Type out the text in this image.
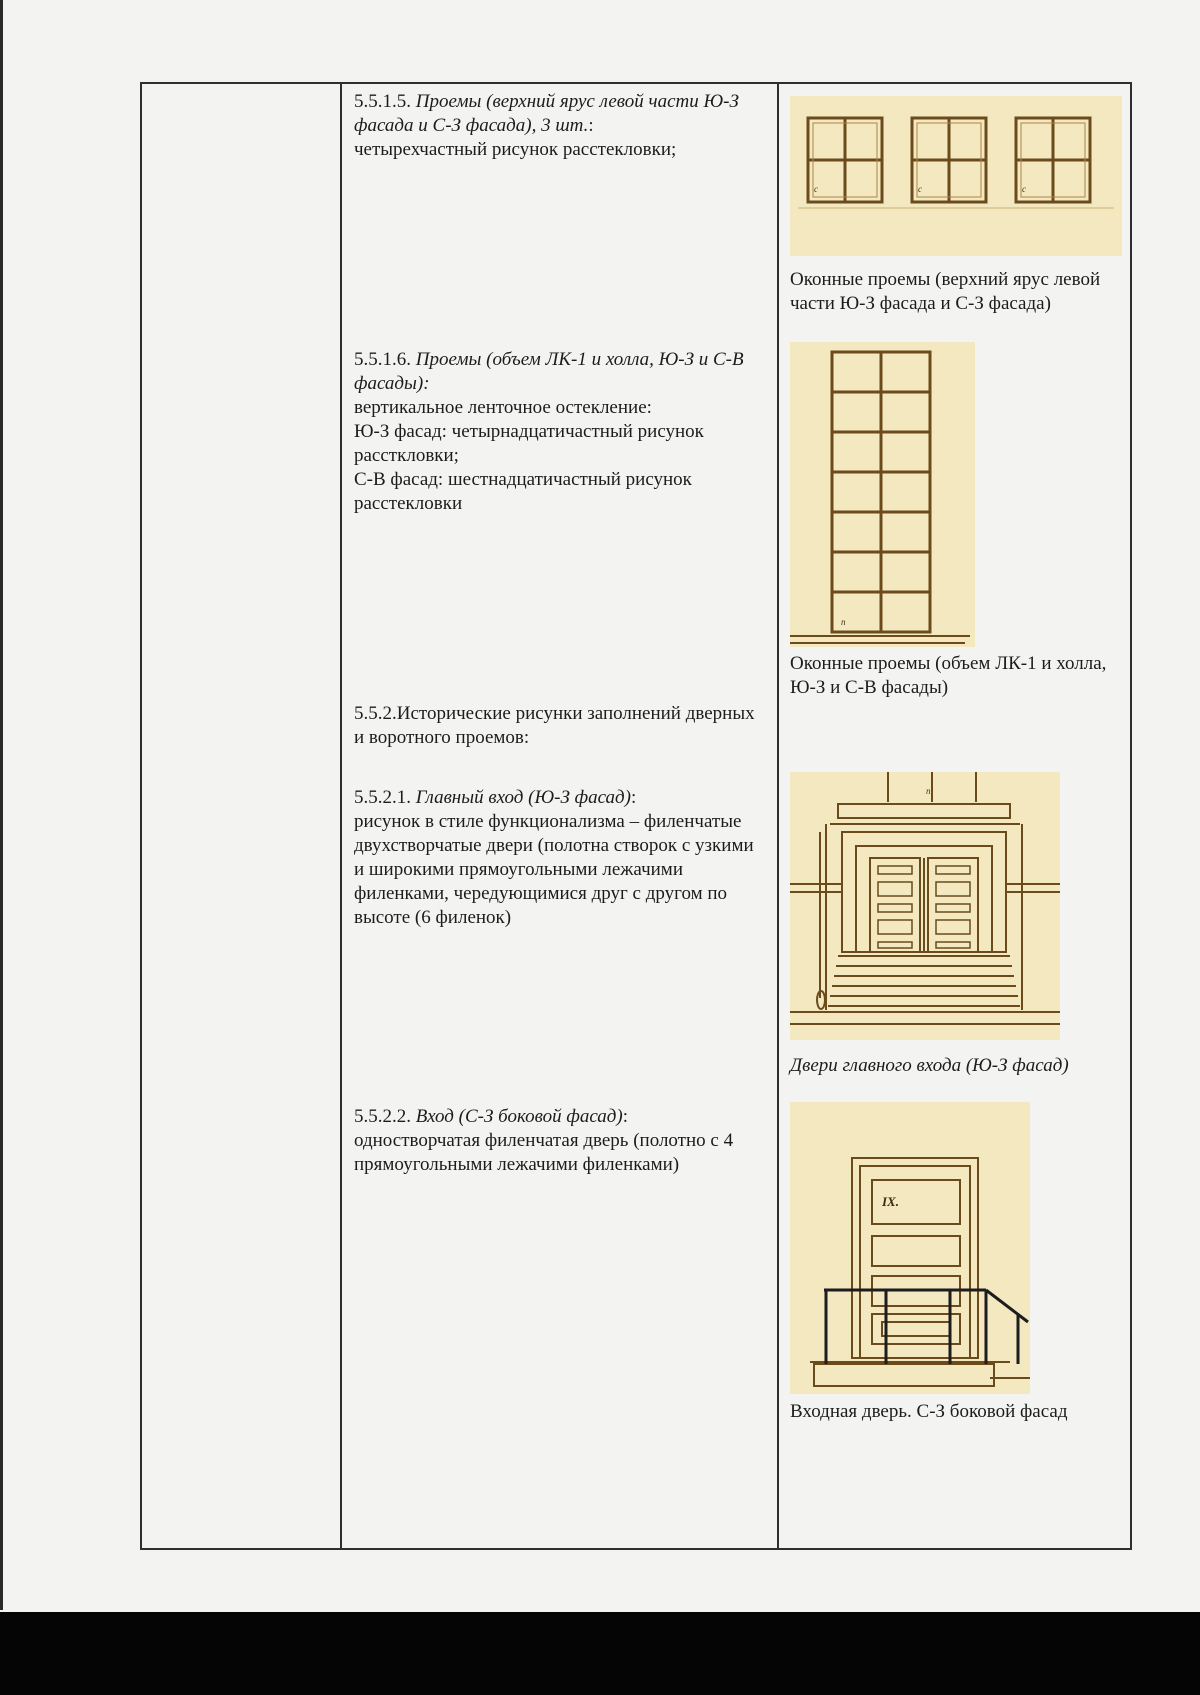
5.5.1.5. Проемы (верхний ярус левой части Ю-З фасада и С-З фасада), 3 шт.:

четырехчастный рисунок расстекловки;

5.5.1.6. Проемы (объем ЛК-1 и холла, Ю-З и С-В фасады):

вертикальное ленточное остекление:

Ю-З фасад: четырнадцатичастный рисунок расстклoвки;

С-В фасад: шестнадцатичастный рисунок расстекловки

5.5.2.Исторические рисунки заполнений дверных и воротного проемов:

5.5.2.1. Главный вход (Ю-З фасад):

рисунок в стиле функционализма – филенчатые двухстворчатые двери (полотна створок с узкими и широкими прямоугольными лежачими филенками, чередующимися друг с другом по высоте (6 филенок)

5.5.2.2. Вход (С-З боковой фасад):

одностворчатая филенчатая дверь (полотно с 4 прямоугольными лежачими филенками)

c	c	c
Оконные проемы (верхний ярус левой части Ю-З фасада и С-З фасада)
n
Оконные проемы (объем ЛК-1 и холла, Ю-З и С-В фасады)
n
Двери главного входа (Ю-З фасад)
IX.
Входная дверь. С-З боковой фасад
